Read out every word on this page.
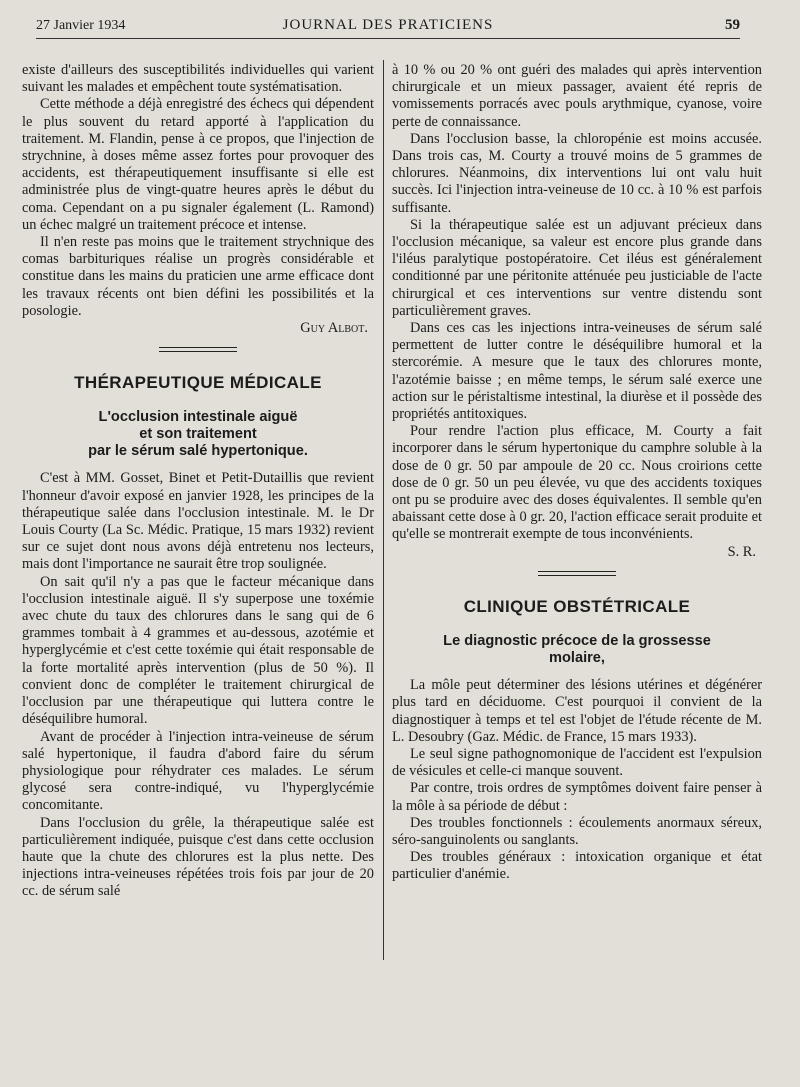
27 Janvier 1934	JOURNAL DES PRATICIENS	59

existe d'ailleurs des susceptibilités individuelles qui varient suivant les malades et empêchent toute systématisation.

Cette méthode a déjà enregistré des échecs qui dépendent le plus souvent du retard apporté à l'application du traitement. M. Flandin, pense à ce propos, que l'injection de strychnine, à doses même assez fortes pour provoquer des accidents, est thérapeutiquement insuffisante si elle est administrée plus de vingt-quatre heures après le début du coma. Cependant on a pu signaler également (L. Ramond) un échec malgré un traitement précoce et intense.

Il n'en reste pas moins que le traitement strychnique des comas barbituriques réalise un progrès considérable et constitue dans les mains du praticien une arme efficace dont les travaux récents ont bien défini les possibilités et la posologie.

Guy Albot.
THÉRAPEUTIQUE MÉDICALE
L'occlusion intestinale aiguë
et son traitement
par le sérum salé hypertonique.

C'est à MM. Gosset, Binet et Petit-Dutaillis que revient l'honneur d'avoir exposé en janvier 1928, les principes de la thérapeutique salée dans l'occlusion intestinale. M. le Dr Louis Courty (La Sc. Médic. Pratique, 15 mars 1932) revient sur ce sujet dont nous avons déjà entretenu nos lecteurs, mais dont l'importance ne saurait être trop soulignée.

On sait qu'il n'y a pas que le facteur mécanique dans l'occlusion intestinale aiguë. Il s'y superpose une toxémie avec chute du taux des chlorures dans le sang qui de 6 grammes tombait à 4 grammes et au-dessous, azotémie et hyperglycémie et c'est cette toxémie qui était responsable de la forte mortalité après intervention (plus de 50 %). Il convient donc de compléter le traitement chirurgical de l'occlusion par une thérapeutique qui luttera contre le déséquilibre humoral.

Avant de procéder à l'injection intra-veineuse de sérum salé hypertonique, il faudra d'abord faire du sérum physiologique pour réhydrater ces malades. Le sérum glycosé sera contre-indiqué, vu l'hyperglycémie concomitante.

Dans l'occlusion du grêle, la thérapeutique salée est particulièrement indiquée, puisque c'est dans cette occlusion haute que la chute des chlorures est la plus nette. Des injections intra-veineuses répétées trois fois par jour de 20 cc. de sérum salé

à 10 % ou 20 % ont guéri des malades qui après intervention chirurgicale et un mieux passager, avaient été repris de vomissements porracés avec pouls arythmique, cyanose, voire perte de connaissance.

Dans l'occlusion basse, la chloropénie est moins accusée. Dans trois cas, M. Courty a trouvé moins de 5 grammes de chlorures. Néanmoins, dix interventions lui ont valu huit succès. Ici l'injection intra-veineuse de 10 cc. à 10 % est parfois suffisante.

Si la thérapeutique salée est un adjuvant précieux dans l'occlusion mécanique, sa valeur est encore plus grande dans l'iléus paralytique postopératoire. Cet iléus est généralement conditionné par une péritonite atténuée peu justiciable de l'acte chirurgical et ces interventions sur ventre distendu sont particulièrement graves.

Dans ces cas les injections intra-veineuses de sérum salé permettent de lutter contre le déséquilibre humoral et la stercorémie. A mesure que le taux des chlorures monte, l'azotémie baisse ; en même temps, le sérum salé exerce une action sur le péristaltisme intestinal, la diurèse et il possède des propriétés antitoxiques.

Pour rendre l'action plus efficace, M. Courty a fait incorporer dans le sérum hypertonique du camphre soluble à la dose de 0 gr. 50 par ampoule de 20 cc. Nous croirions cette dose de 0 gr. 50 un peu élevée, vu que des accidents toxiques ont pu se produire avec des doses équivalentes. Il semble qu'en abaissant cette dose à 0 gr. 20, l'action efficace serait produite et qu'elle se montrerait exempte de tous inconvénients.

S. R.
CLINIQUE OBSTÉTRICALE
Le diagnostic précoce de la grossesse
molaire,

La môle peut déterminer des lésions utérines et dégénérer plus tard en déciduome. C'est pourquoi il convient de la diagnostiquer à temps et tel est l'objet de l'étude récente de M. L. Desoubry (Gaz. Médic. de France, 15 mars 1933).

Le seul signe pathognomonique de l'accident est l'expulsion de vésicules et celle-ci manque souvent.

Par contre, trois ordres de symptômes doivent faire penser à la môle à sa période de début :

Des troubles fonctionnels : écoulements anormaux séreux, séro-sanguinolents ou sanglants.

Des troubles généraux : intoxication organique et état particulier d'anémie.
